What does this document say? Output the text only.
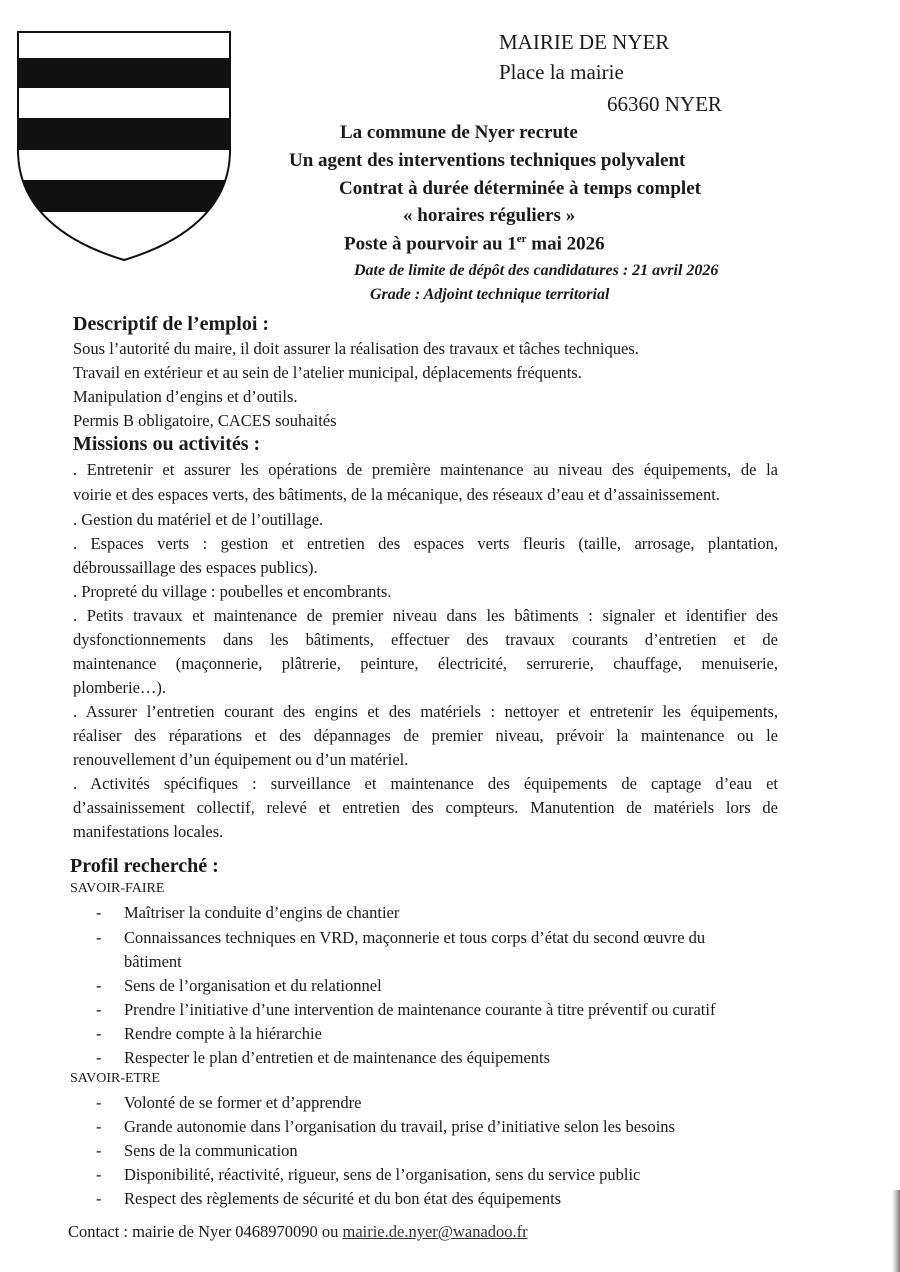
MAIRIE DE NYER
Place la mairie
66360 NYER
La commune de Nyer recrute
Un agent des interventions techniques polyvalent
Contrat à durée déterminée à temps complet
« horaires réguliers »
Poste à pourvoir au 1er mai 2026
Date de limite de dépôt des candidatures : 21 avril 2026
Grade : Adjoint technique territorial
Descriptif de l’emploi :
Sous l’autorité du maire, il doit assurer la réalisation des travaux et tâches techniques.
Travail en extérieur et au sein de l’atelier municipal, déplacements fréquents.
Manipulation d’engins et d’outils.
Permis B obligatoire, CACES souhaités
Missions ou activités :
. Entretenir et assurer les opérations de première maintenance au niveau des équipements, de la
voirie et des espaces verts, des bâtiments, de la mécanique, des réseaux d’eau et d’assainissement.
. Gestion du matériel et de l’outillage.
. Espaces verts : gestion et entretien des espaces verts fleuris (taille, arrosage, plantation,
débroussaillage des espaces publics).
. Propreté du village : poubelles et encombrants.
. Petits travaux et maintenance de premier niveau dans les bâtiments : signaler et identifier des
dysfonctionnements dans les bâtiments, effectuer des travaux courants d’entretien et de
maintenance (maçonnerie, plâtrerie, peinture, électricité, serrurerie, chauffage, menuiserie,
plomberie…).
. Assurer l’entretien courant des engins et des matériels : nettoyer et entretenir les équipements,
réaliser des réparations et des dépannages de premier niveau, prévoir la maintenance ou le
renouvellement d’un équipement ou d’un matériel.
. Activités spécifiques : surveillance et maintenance des équipements de captage d’eau et
d’assainissement collectif, relevé et entretien des compteurs. Manutention de matériels lors de
manifestations locales.
Profil recherché :
SAVOIR-FAIRE
- Maîtriser la conduite d’engins de chantier
- Connaissances techniques en VRD, maçonnerie et tous corps d’état du second œuvre du
bâtiment
- Sens de l’organisation et du relationnel
- Prendre l’initiative d’une intervention de maintenance courante à titre préventif ou curatif
- Rendre compte à la hiérarchie
- Respecter le plan d’entretien et de maintenance des équipements
SAVOIR-ETRE
- Volonté de se former et d’apprendre
- Grande autonomie dans l’organisation du travail, prise d’initiative selon les besoins
- Sens de la communication
- Disponibilité, réactivité, rigueur, sens de l’organisation, sens du service public
- Respect des règlements de sécurité et du bon état des équipements
Contact : mairie de Nyer 0468970090 ou mairie.de.nyer@wanadoo.fr
